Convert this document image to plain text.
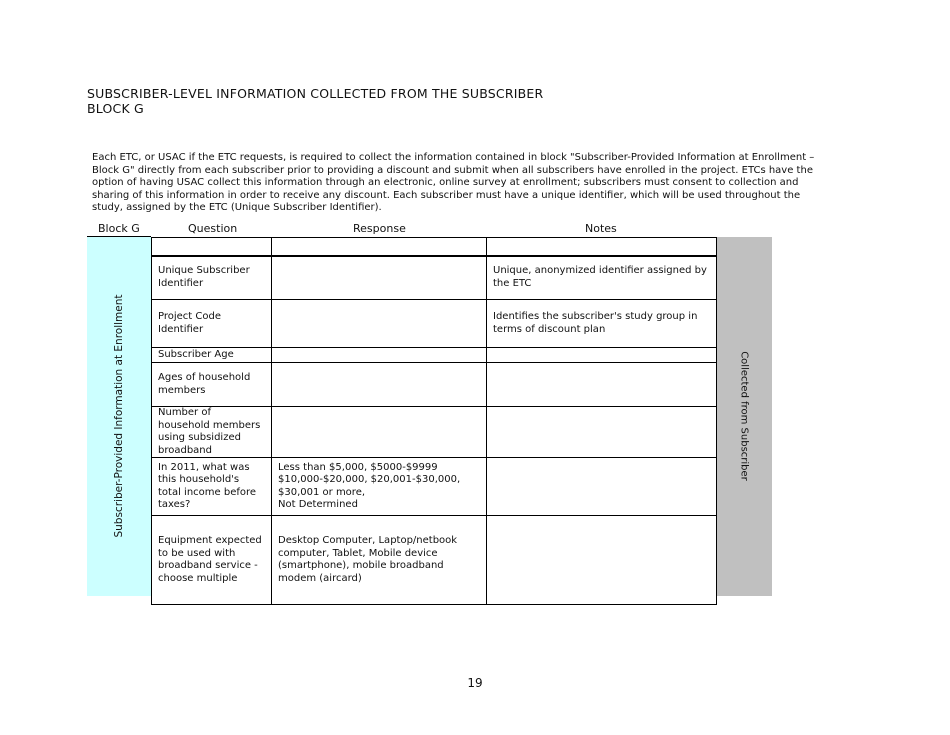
SUBSCRIBER-LEVEL INFORMATION COLLECTED FROM THE SUBSCRIBER
BLOCK G
Each ETC, or USAC if the ETC requests, is required to collect the information contained in block "Subscriber-Provided Information at Enrollment – Block G" directly from each subscriber prior to providing a discount and submit when all subscribers have enrolled in the project. ETCs have the option of having USAC collect this information through an electronic, online survey at enrollment; subscribers must consent to collection and sharing of this information in order to receive any discount. Each subscriber must have a unique identifier, which will be used throughout the study, assigned by the ETC (Unique Subscriber Identifier).
Block G	Question	Response	Notes
Subscriber-Provided Information at Enrollment	Collected from Subscriber

Unique Subscriber Identifier		Unique, anonymized identifier assigned by the ETC
Project Code Identifier		Identifies the subscriber's study group in terms of discount plan
Subscriber Age		
Ages of household members		
Number of household members using subsidized broadband		
In 2011, what was this household's total income before taxes?	Less than $5,000, $5000-$9999
$10,000-$20,000, $20,001-$30,000, $30,001 or more,
Not Determined	

Equipment expected to be used with broadband service - choose multiple	Desktop Computer, Laptop/netbook computer, Tablet, Mobile device (smartphone), mobile broadband modem (aircard)	
19
